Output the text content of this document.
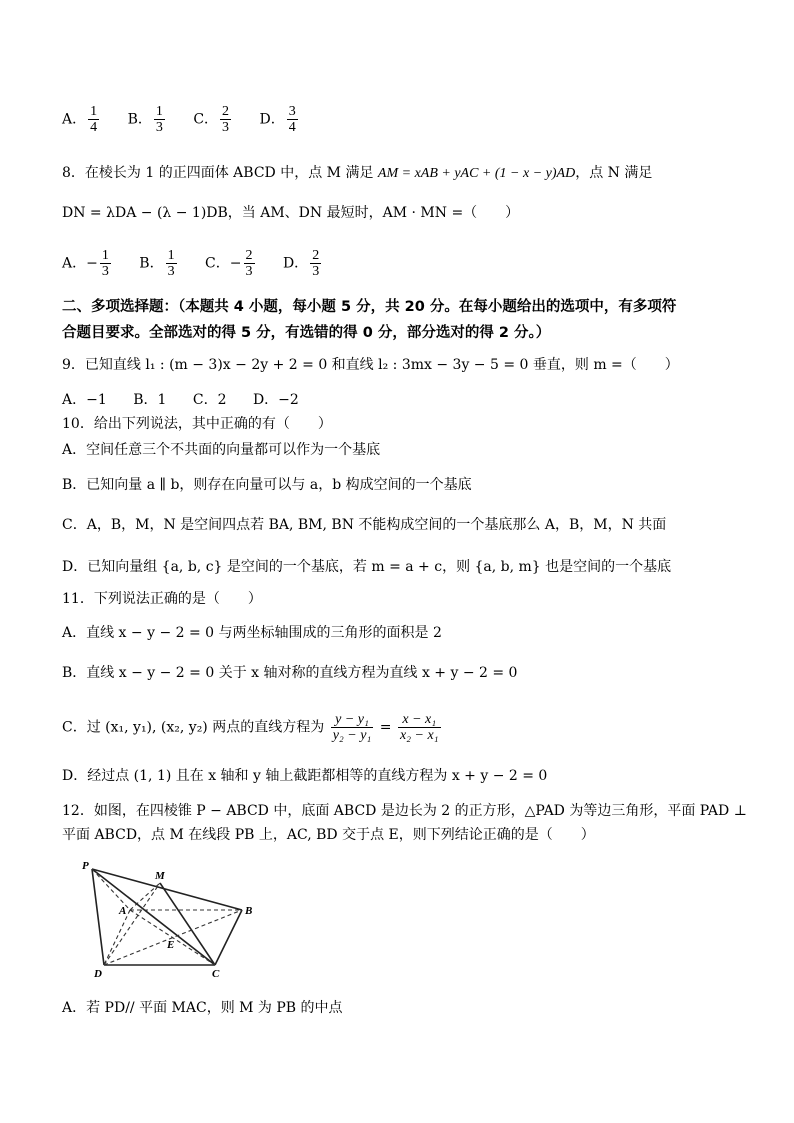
A． $\frac{1}{4}$ B． $\frac{1}{3}$ C． $\frac{2}{3}$ D． $\frac{3}{4}$
8．在棱长为 1 的正四面体 ABCD 中，点 M 满足 AM = xAB + yAC + (1 − x − y)AD，点 N 满足
DN = λDA − (λ − 1)DB，当 AM、DN 最短时，AM · MN =（　　）
A．− $\frac{1}{3}$ B． $\frac{1}{3}$ C．− $\frac{2}{3}$ D． $\frac{2}{3}$
二、多项选择题：（本题共 4 小题，每小题 5 分，共 20 分。在每小题给出的选项中，有多项符
合题目要求。全部选对的得 5 分，有选错的得 0 分，部分选对的得 2 分。）
9．已知直线 l₁ : (m − 3)x − 2y + 2 = 0 和直线 l₂ : 3mx − 3y − 5 = 0 垂直，则 m =（　　）
A．−1 B．1 C．2 D．−2
10．给出下列说法，其中正确的有（　　）
A．空间任意三个不共面的向量都可以作为一个基底
B．已知向量 a ∥ b，则存在向量可以与 a，b 构成空间的一个基底
C．A，B，M，N 是空间四点若 BA, BM, BN 不能构成空间的一个基底那么 A，B，M，N 共面
D．已知向量组 {a, b, c} 是空间的一个基底，若 m = a + c，则 {a, b, m} 也是空间的一个基底
11．下列说法正确的是（　　）
A．直线 x − y − 2 = 0 与两坐标轴围成的三角形的面积是 2
B．直线 x − y − 2 = 0 关于 x 轴对称的直线方程为直线 x + y − 2 = 0
C．过 (x₁, y₁), (x₂, y₂) 两点的直线方程为 $\frac{\text{y − y₁}}{\text{y₂ − y₁}} = \frac{\text{x − x₁}}{\text{x₂ − x₁}}$
D．经过点 (1, 1) 且在 x 轴和 y 轴上截距都相等的直线方程为 x + y − 2 = 0
12．如图，在四棱锥 P − ABCD 中，底面 ABCD 是边长为 2 的正方形，△PAD 为等边三角形，平面 PAD ⊥
平面 ABCD，点 M 在线段 PB 上，AC, BD 交于点 E，则下列结论正确的是（　　）
P
M
A	B
E
D	C
A．若 PD// 平面 MAC，则 M 为 PB 的中点
